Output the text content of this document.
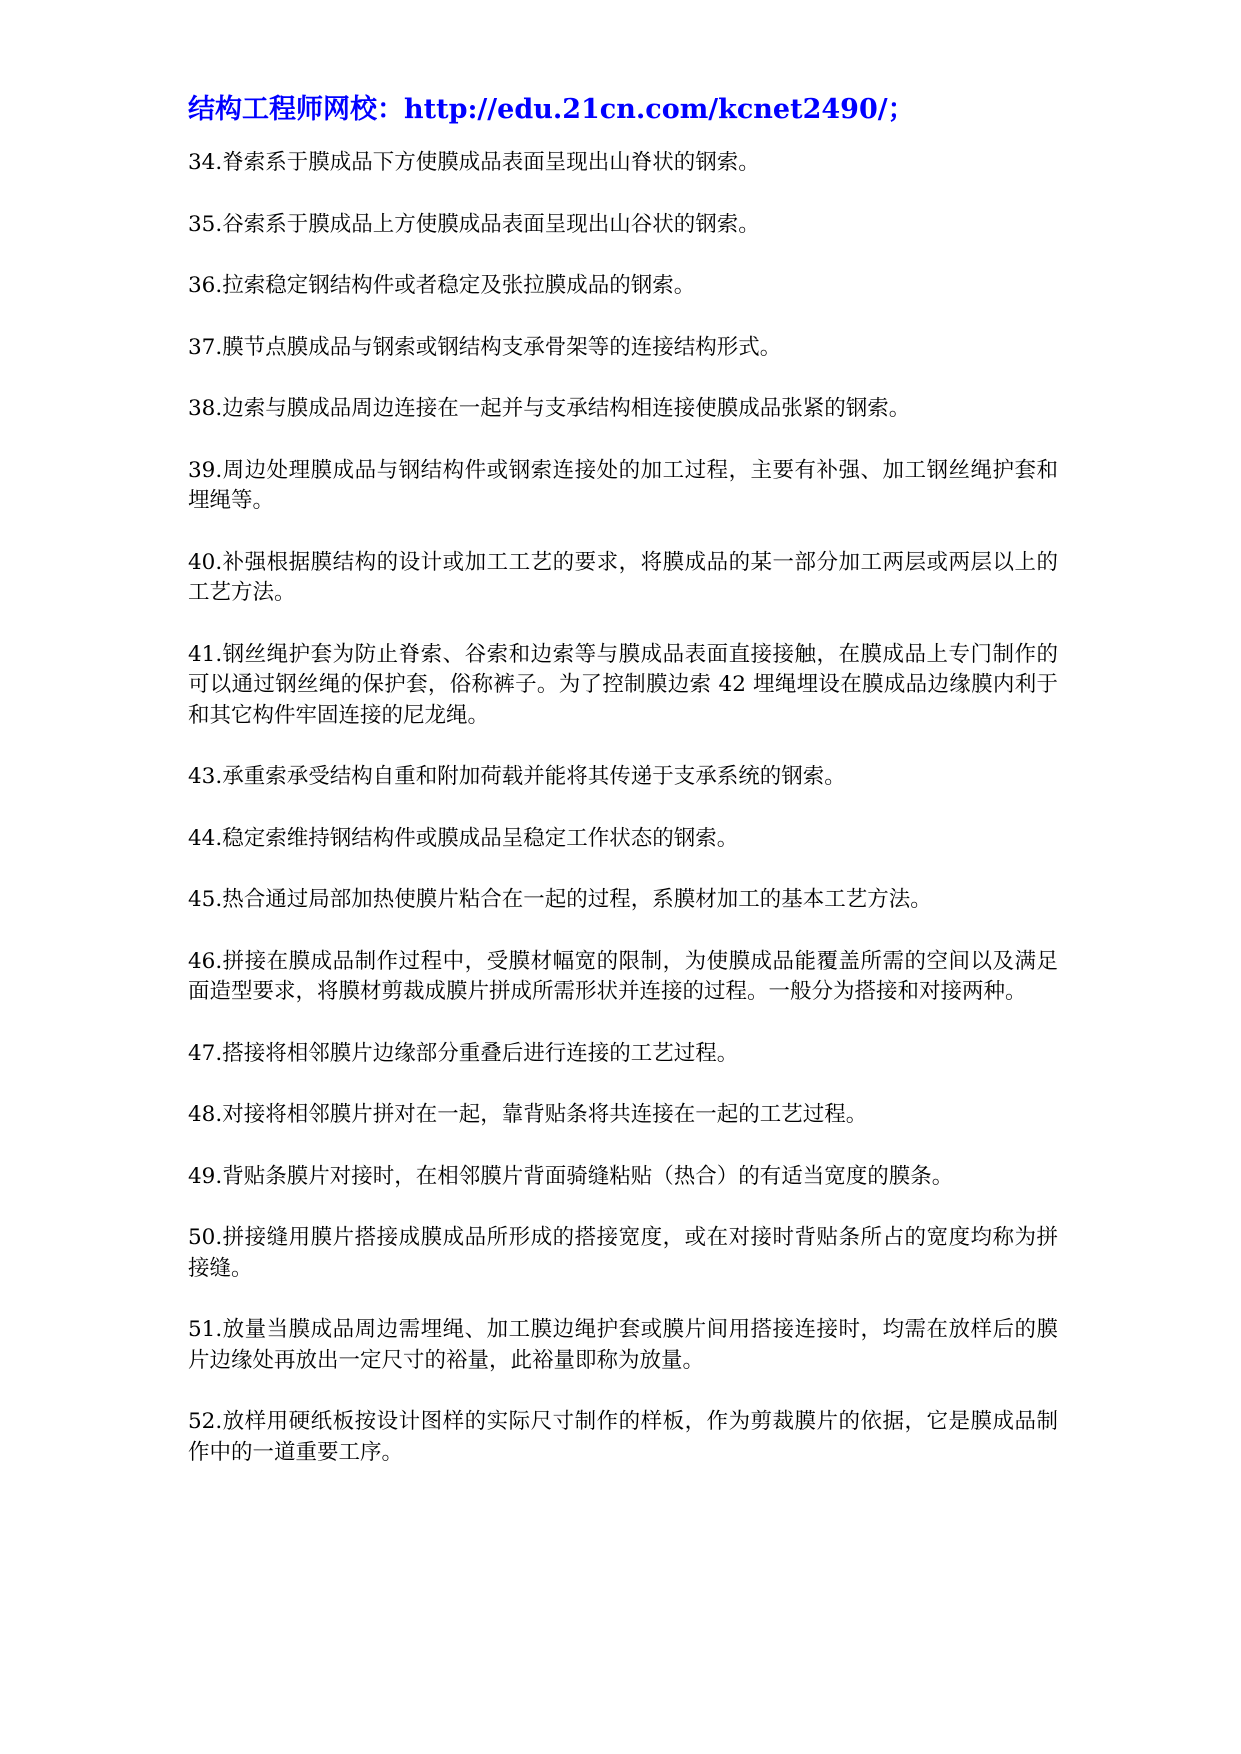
结构工程师网校：http://edu.21cn.com/kcnet2490/；

34.脊索系于膜成品下方使膜成品表面呈现出山脊状的钢索。

35.谷索系于膜成品上方使膜成品表面呈现出山谷状的钢索。

36.拉索稳定钢结构件或者稳定及张拉膜成品的钢索。

37.膜节点膜成品与钢索或钢结构支承骨架等的连接结构形式。

38.边索与膜成品周边连接在一起并与支承结构相连接使膜成品张紧的钢索。

39.周边处理膜成品与钢结构件或钢索连接处的加工过程，主要有补强、加工钢丝绳护套和埋绳等。

40.补强根据膜结构的设计或加工工艺的要求，将膜成品的某一部分加工两层或两层以上的工艺方法。

41.钢丝绳护套为防止脊索、谷索和边索等与膜成品表面直接接触，在膜成品上专门制作的可以通过钢丝绳的保护套，俗称裤子。为了控制膜边索 42 埋绳埋设在膜成品边缘膜内利于和其它构件牢固连接的尼龙绳。

43.承重索承受结构自重和附加荷载并能将其传递于支承系统的钢索。

44.稳定索维持钢结构件或膜成品呈稳定工作状态的钢索。

45.热合通过局部加热使膜片粘合在一起的过程，系膜材加工的基本工艺方法。

46.拼接在膜成品制作过程中，受膜材幅宽的限制，为使膜成品能覆盖所需的空间以及满足面造型要求，将膜材剪裁成膜片拼成所需形状并连接的过程。一般分为搭接和对接两种。

47.搭接将相邻膜片边缘部分重叠后进行连接的工艺过程。

48.对接将相邻膜片拼对在一起，靠背贴条将共连接在一起的工艺过程。

49.背贴条膜片对接时，在相邻膜片背面骑缝粘贴（热合）的有适当宽度的膜条。

50.拼接缝用膜片搭接成膜成品所形成的搭接宽度，或在对接时背贴条所占的宽度均称为拼接缝。

51.放量当膜成品周边需埋绳、加工膜边绳护套或膜片间用搭接连接时，均需在放样后的膜片边缘处再放出一定尺寸的裕量，此裕量即称为放量。

52.放样用硬纸板按设计图样的实际尺寸制作的样板，作为剪裁膜片的依据，它是膜成品制作中的一道重要工序。
